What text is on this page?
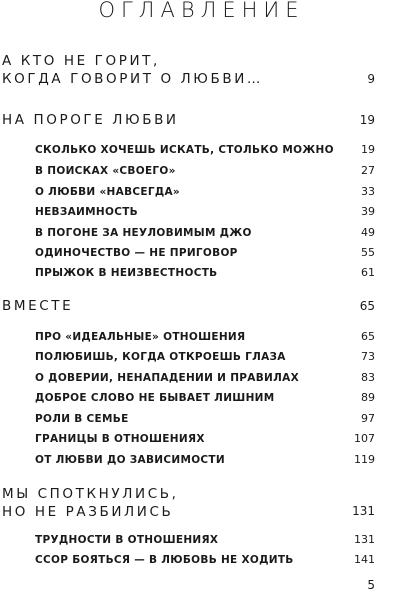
ОГЛАВЛЕНИЕ
А КТО НЕ ГОРИТ,
КОГДА ГОВОРИТ О ЛЮБВИ…	9
НА ПОРОГЕ ЛЮБВИ	19
СКОЛЬКО ХОЧЕШЬ ИСКАТЬ, СТОЛЬКО МОЖНО 19
В ПОИСКАХ «СВОЕГО»	27
О ЛЮБВИ «НАВСЕГДА»	33
НЕВЗАИМНОСТЬ	39
В ПОГОНЕ ЗА НЕУЛОВИМЫМ ДЖО	49
ОДИНОЧЕСТВО — НЕ ПРИГОВОР	55
ПРЫЖОК В НЕИЗВЕСТНОСТЬ	61
ВМЕСТЕ	65
ПРО «ИДЕАЛЬНЫЕ» ОТНОШЕНИЯ	65
ПОЛЮБИШЬ, КОГДА ОТКРОЕШЬ ГЛАЗА	73
О ДОВЕРИИ, НЕНАПАДЕНИИ И ПРАВИЛАХ	83
ДОБРОЕ СЛОВО НЕ БЫВАЕТ ЛИШНИМ	89
РОЛИ В СЕМЬЕ	97
ГРАНИЦЫ В ОТНОШЕНИЯХ	107
ОТ ЛЮБВИ ДО ЗАВИСИМОСТИ	119
МЫ СПОТКНУЛИСЬ,
НО НЕ РАЗБИЛИСЬ	131
ТРУДНОСТИ В ОТНОШЕНИЯХ	131
ССОР БОЯТЬСЯ — В ЛЮБОВЬ НЕ ХОДИТЬ	141
5
